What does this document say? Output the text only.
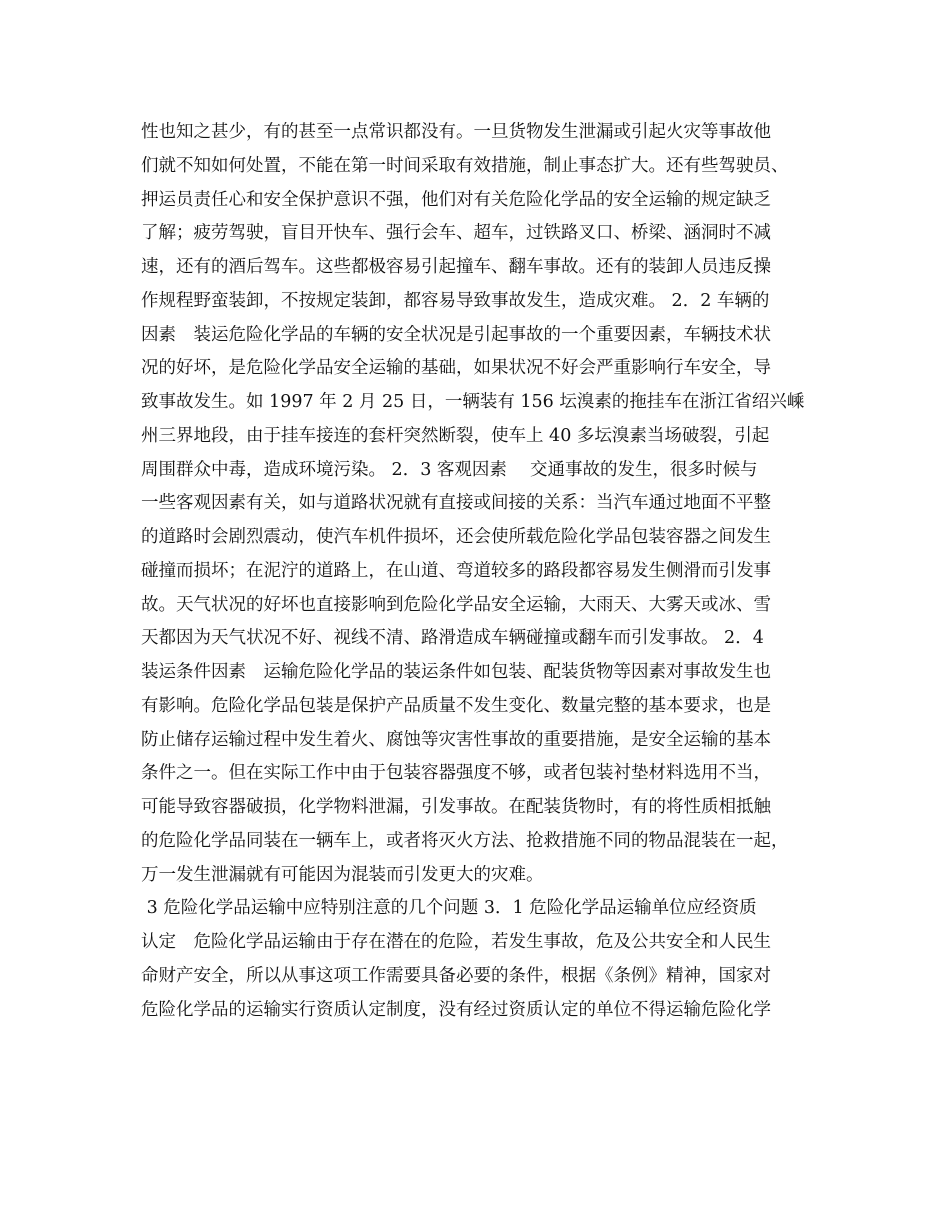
性也知之甚少，有的甚至一点常识都没有。一旦货物发生泄漏或引起火灾等事故他
们就不知如何处置，不能在第一时间采取有效措施，制止事态扩大。还有些驾驶员、
押运员责任心和安全保护意识不强，他们对有关危险化学品的安全运输的规定缺乏
了解；疲劳驾驶，盲目开快车、强行会车、超车，过铁路叉口、桥梁、涵洞时不减
速，还有的酒后驾车。这些都极容易引起撞车、翻车事故。还有的装卸人员违反操
作规程野蛮装卸，不按规定装卸，都容易导致事故发生，造成灾难。 2．2 车辆的
因素　装运危险化学品的车辆的安全状况是引起事故的一个重要因素，车辆技术状
况的好坏，是危险化学品安全运输的基础，如果状况不好会严重影响行车安全，导
致事故发生。如 1997 年 2 月 25 日，一辆装有 156 坛溴素的拖挂车在浙江省绍兴嵊
州三界地段，由于挂车接连的套杆突然断裂，使车上 40 多坛溴素当场破裂，引起
周围群众中毒，造成环境污染。 2．3 客观因素　 交通事故的发生，很多时候与
一些客观因素有关，如与道路状况就有直接或间接的关系：当汽车通过地面不平整
的道路时会剧烈震动，使汽车机件损坏，还会使所载危险化学品包装容器之间发生
碰撞而损坏；在泥泞的道路上，在山道、弯道较多的路段都容易发生侧滑而引发事
故。天气状况的好坏也直接影响到危险化学品安全运输，大雨天、大雾天或冰、雪
天都因为天气状况不好、视线不清、路滑造成车辆碰撞或翻车而引发事故。 2．4
装运条件因素　运输危险化学品的装运条件如包装、配装货物等因素对事故发生也
有影响。危险化学品包装是保护产品质量不发生变化、数量完整的基本要求，也是
防止储存运输过程中发生着火、腐蚀等灾害性事故的重要措施，是安全运输的基本
条件之一。但在实际工作中由于包装容器强度不够，或者包装衬垫材料选用不当，
可能导致容器破损，化学物料泄漏，引发事故。在配装货物时，有的将性质相抵触
的危险化学品同装在一辆车上，或者将灭火方法、抢救措施不同的物品混装在一起，
万一发生泄漏就有可能因为混装而引发更大的灾难。
3 危险化学品运输中应特别注意的几个问题 3．1 危险化学品运输单位应经资质
认定　危险化学品运输由于存在潜在的危险，若发生事故，危及公共安全和人民生
命财产安全，所以从事这项工作需要具备必要的条件，根据《条例》精神，国家对
危险化学品的运输实行资质认定制度，没有经过资质认定的单位不得运输危险化学
